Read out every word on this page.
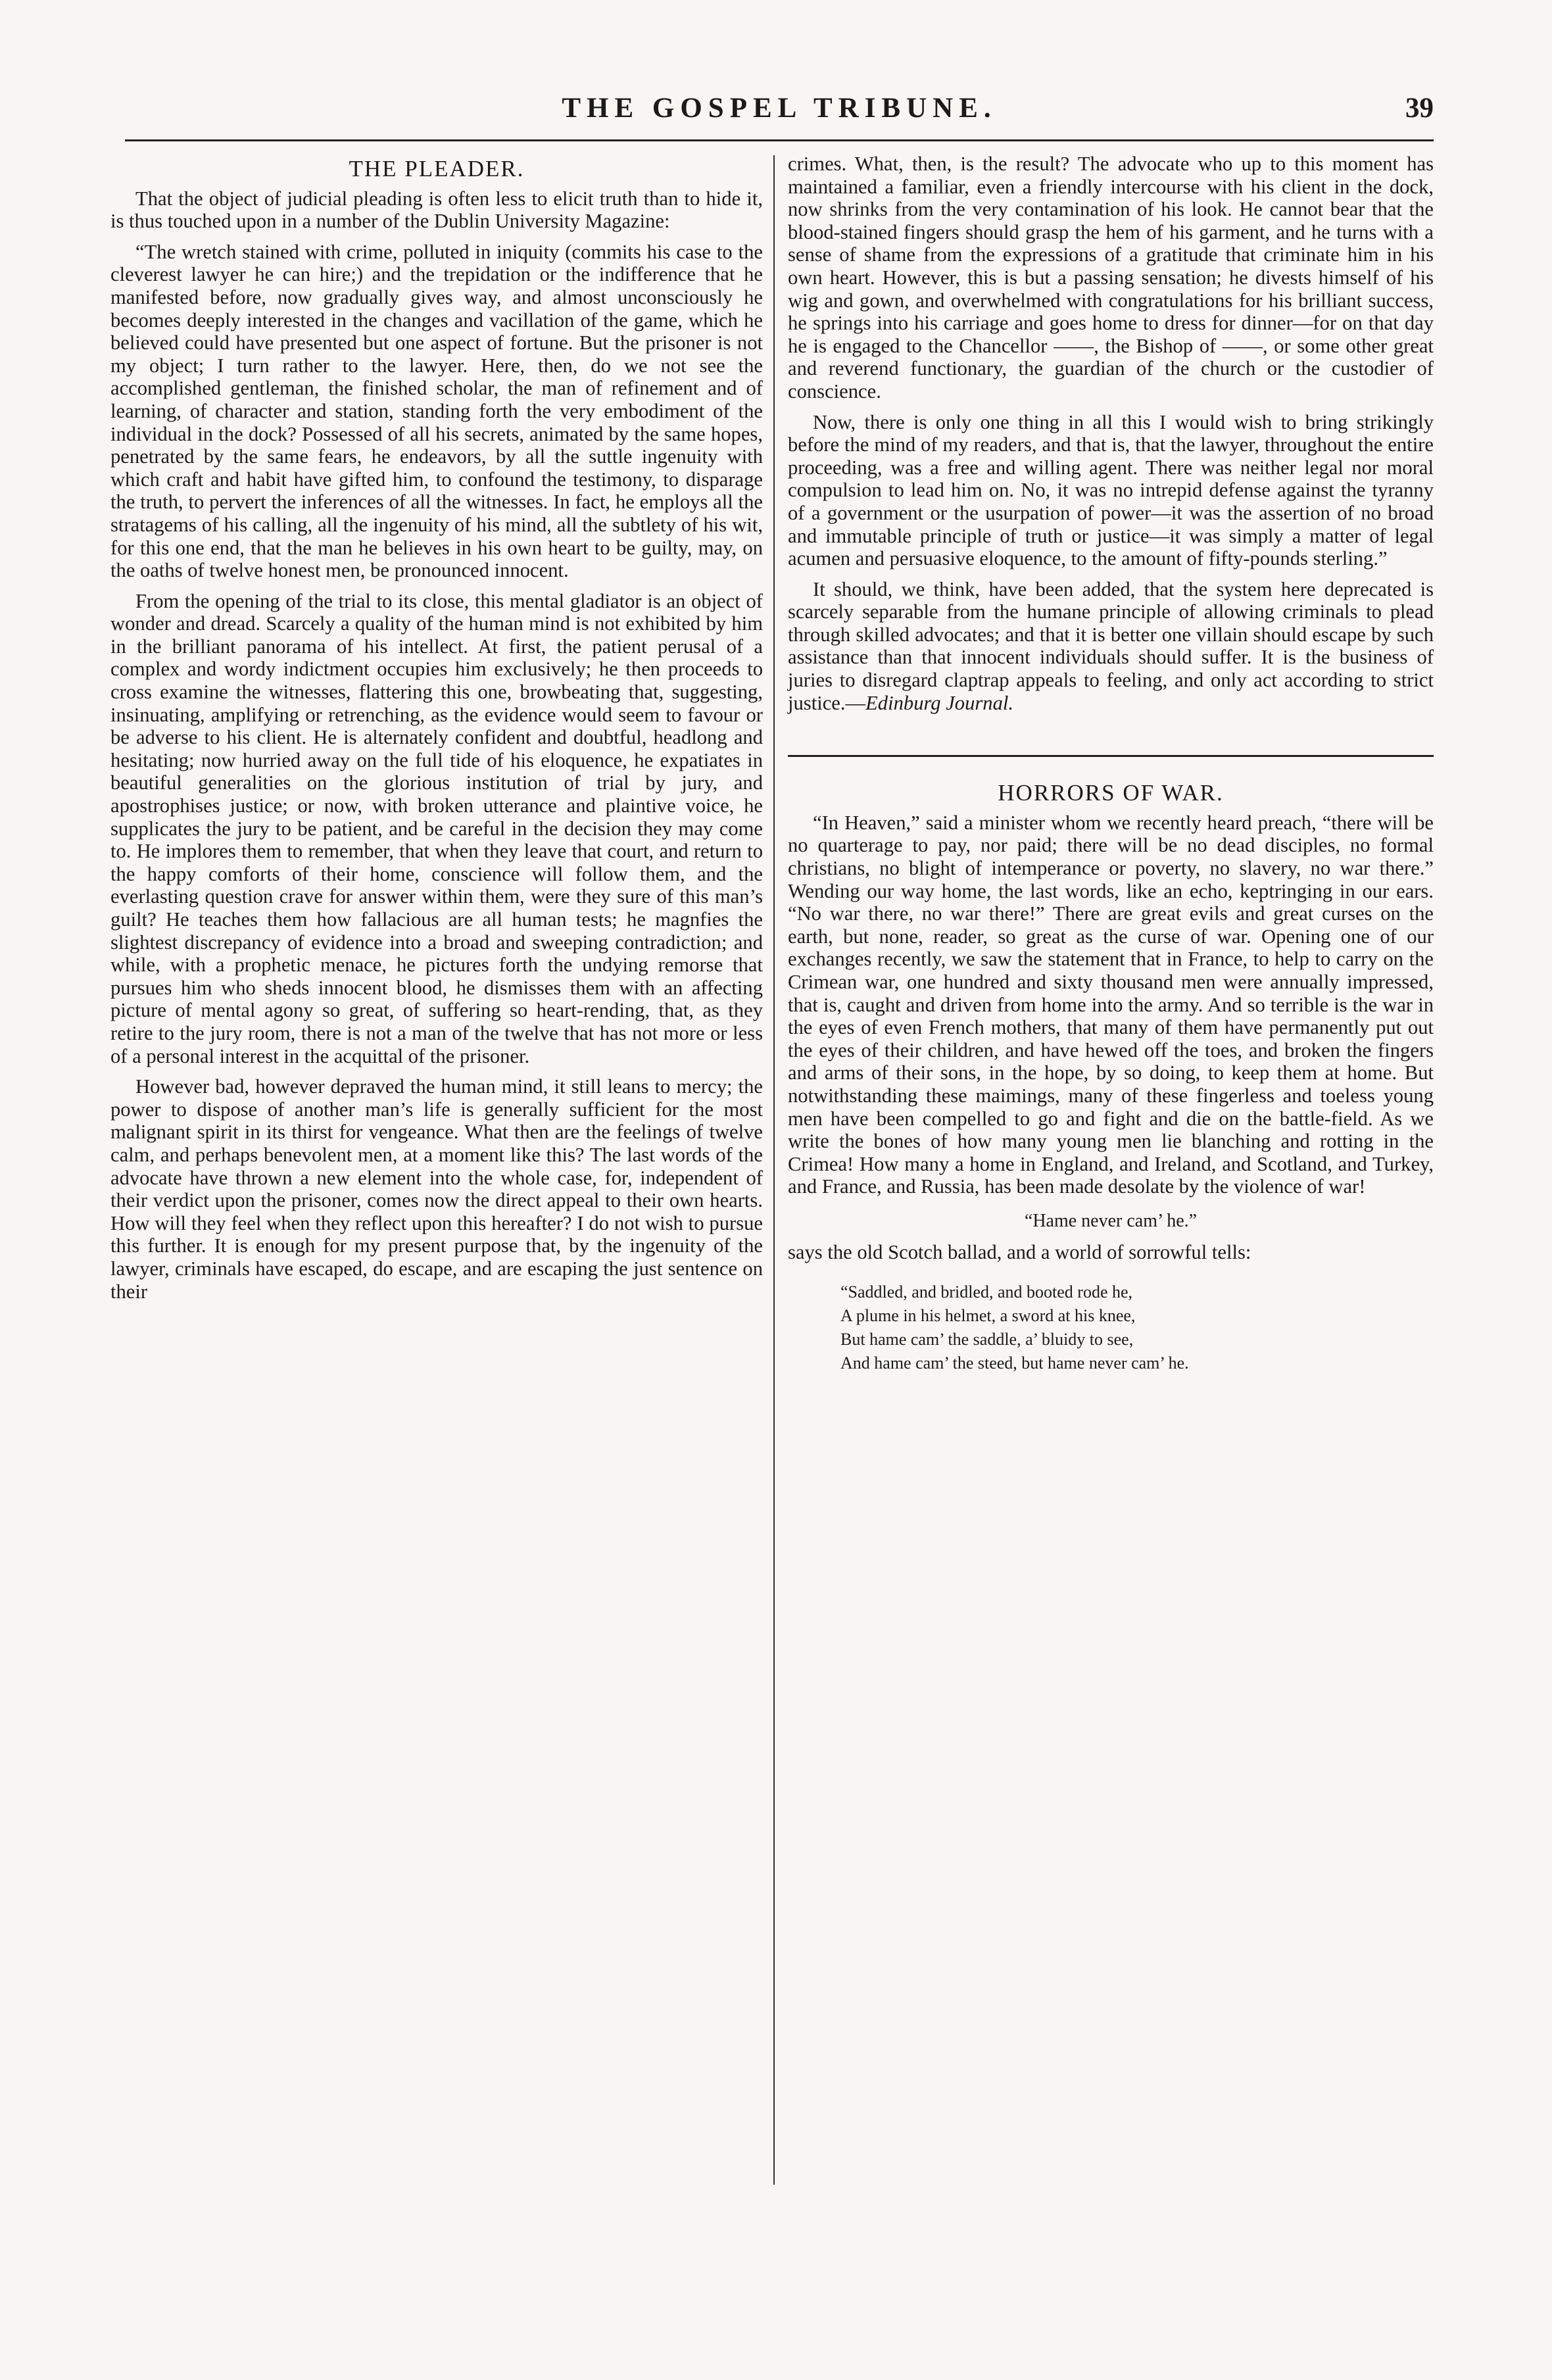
THE GOSPEL TRIBUNE.	39
THE PLEADER.

That the object of judicial pleading is often less to elicit truth than to hide it, is thus touched upon in a number of the Dublin University Magazine:

“The wretch stained with crime, polluted in iniquity (commits his case to the cleverest lawyer he can hire;) and the trepidation or the indifference that he manifested before, now gradually gives way, and almost unconsciously he becomes deeply interested in the changes and vacillation of the game, which he believed could have presented but one aspect of fortune. But the prisoner is not my object; I turn rather to the lawyer. Here, then, do we not see the accomplished gentleman, the finished scholar, the man of refinement and of learning, of character and station, standing forth the very embodiment of the individual in the dock? Possessed of all his secrets, animated by the same hopes, penetrated by the same fears, he endeavors, by all the suttle ingenuity with which craft and habit have gifted him, to confound the testimony, to disparage the truth, to pervert the inferences of all the witnesses. In fact, he employs all the stratagems of his calling, all the ingenuity of his mind, all the subtlety of his wit, for this one end, that the man he believes in his own heart to be guilty, may, on the oaths of twelve honest men, be pronounced innocent.

From the opening of the trial to its close, this mental gladiator is an object of wonder and dread. Scarcely a quality of the human mind is not exhibited by him in the brilliant panorama of his intellect. At first, the patient perusal of a complex and wordy indictment occupies him exclusively; he then proceeds to cross examine the witnesses, flattering this one, browbeating that, suggesting, insinuating, amplifying or retrenching, as the evidence would seem to favour or be adverse to his client. He is alternately confident and doubtful, headlong and hesitating; now hurried away on the full tide of his eloquence, he expatiates in beautiful generalities on the glorious institution of trial by jury, and apostrophises justice; or now, with broken utterance and plaintive voice, he supplicates the jury to be patient, and be careful in the decision they may come to. He implores them to remember, that when they leave that court, and return to the happy comforts of their home, conscience will follow them, and the everlasting question crave for answer within them, were they sure of this man’s guilt? He teaches them how fallacious are all human tests; he magnfies the slightest discrepancy of evidence into a broad and sweeping contradiction; and while, with a prophetic menace, he pictures forth the undying remorse that pursues him who sheds innocent blood, he dismisses them with an affecting picture of mental agony so great, of suffering so heart-rending, that, as they retire to the jury room, there is not a man of the twelve that has not more or less of a personal interest in the acquittal of the prisoner.

However bad, however depraved the human mind, it still leans to mercy; the power to dispose of another man’s life is generally sufficient for the most malignant spirit in its thirst for vengeance. What then are the feelings of twelve calm, and perhaps benevolent men, at a moment like this? The last words of the advocate have thrown a new element into the whole case, for, independent of their verdict upon the prisoner, comes now the direct appeal to their own hearts. How will they feel when they reflect upon this hereafter? I do not wish to pursue this further. It is enough for my present purpose that, by the ingenuity of the lawyer, criminals have escaped, do escape, and are escaping the just sentence on their

crimes. What, then, is the result? The advocate who up to this moment has maintained a familiar, even a friendly intercourse with his client in the dock, now shrinks from the very contamination of his look. He cannot bear that the blood-stained fingers should grasp the hem of his garment, and he turns with a sense of shame from the expressions of a gratitude that criminate him in his own heart. However, this is but a passing sensation; he divests himself of his wig and gown, and overwhelmed with congratulations for his brilliant success, he springs into his carriage and goes home to dress for dinner—for on that day he is engaged to the Chancellor ——, the Bishop of ——, or some other great and reverend functionary, the guardian of the church or the custodier of conscience.

Now, there is only one thing in all this I would wish to bring strikingly before the mind of my readers, and that is, that the lawyer, throughout the entire proceeding, was a free and willing agent. There was neither legal nor moral compulsion to lead him on. No, it was no intrepid defense against the tyranny of a government or the usurpation of power—it was the assertion of no broad and immutable principle of truth or justice—it was simply a matter of legal acumen and persuasive eloquence, to the amount of fifty-pounds sterling.”

It should, we think, have been added, that the system here deprecated is scarcely separable from the humane principle of allowing criminals to plead through skilled advocates; and that it is better one villain should escape by such assistance than that innocent individuals should suffer. It is the business of juries to disregard claptrap appeals to feeling, and only act according to strict justice.—Edinburg Journal.

HORRORS OF WAR.

“In Heaven,” said a minister whom we recently heard preach, “there will be no quarterage to pay, nor paid; there will be no dead disciples, no formal christians, no blight of intemperance or poverty, no slavery, no war there.” Wending our way home, the last words, like an echo, keptringing in our ears. “No war there, no war there!” There are great evils and great curses on the earth, but none, reader, so great as the curse of war. Opening one of our exchanges recently, we saw the statement that in France, to help to carry on the Crimean war, one hundred and sixty thousand men were annually impressed, that is, caught and driven from home into the army. And so terrible is the war in the eyes of even French mothers, that many of them have permanently put out the eyes of their children, and have hewed off the toes, and broken the fingers and arms of their sons, in the hope, by so doing, to keep them at home. But notwithstanding these maimings, many of these fingerless and toeless young men have been compelled to go and fight and die on the battle-field. As we write the bones of how many young men lie blanching and rotting in the Crimea! How many a home in England, and Ireland, and Scotland, and Turkey, and France, and Russia, has been made desolate by the violence of war!

“Hame never cam’ he.”

says the old Scotch ballad, and a world of sorrowful tells:

“Saddled, and bridled, and booted rode he,
A plume in his helmet, a sword at his knee,
But hame cam’ the saddle, a’ bluidy to see,
And hame cam’ the steed, but hame never cam’ he.
